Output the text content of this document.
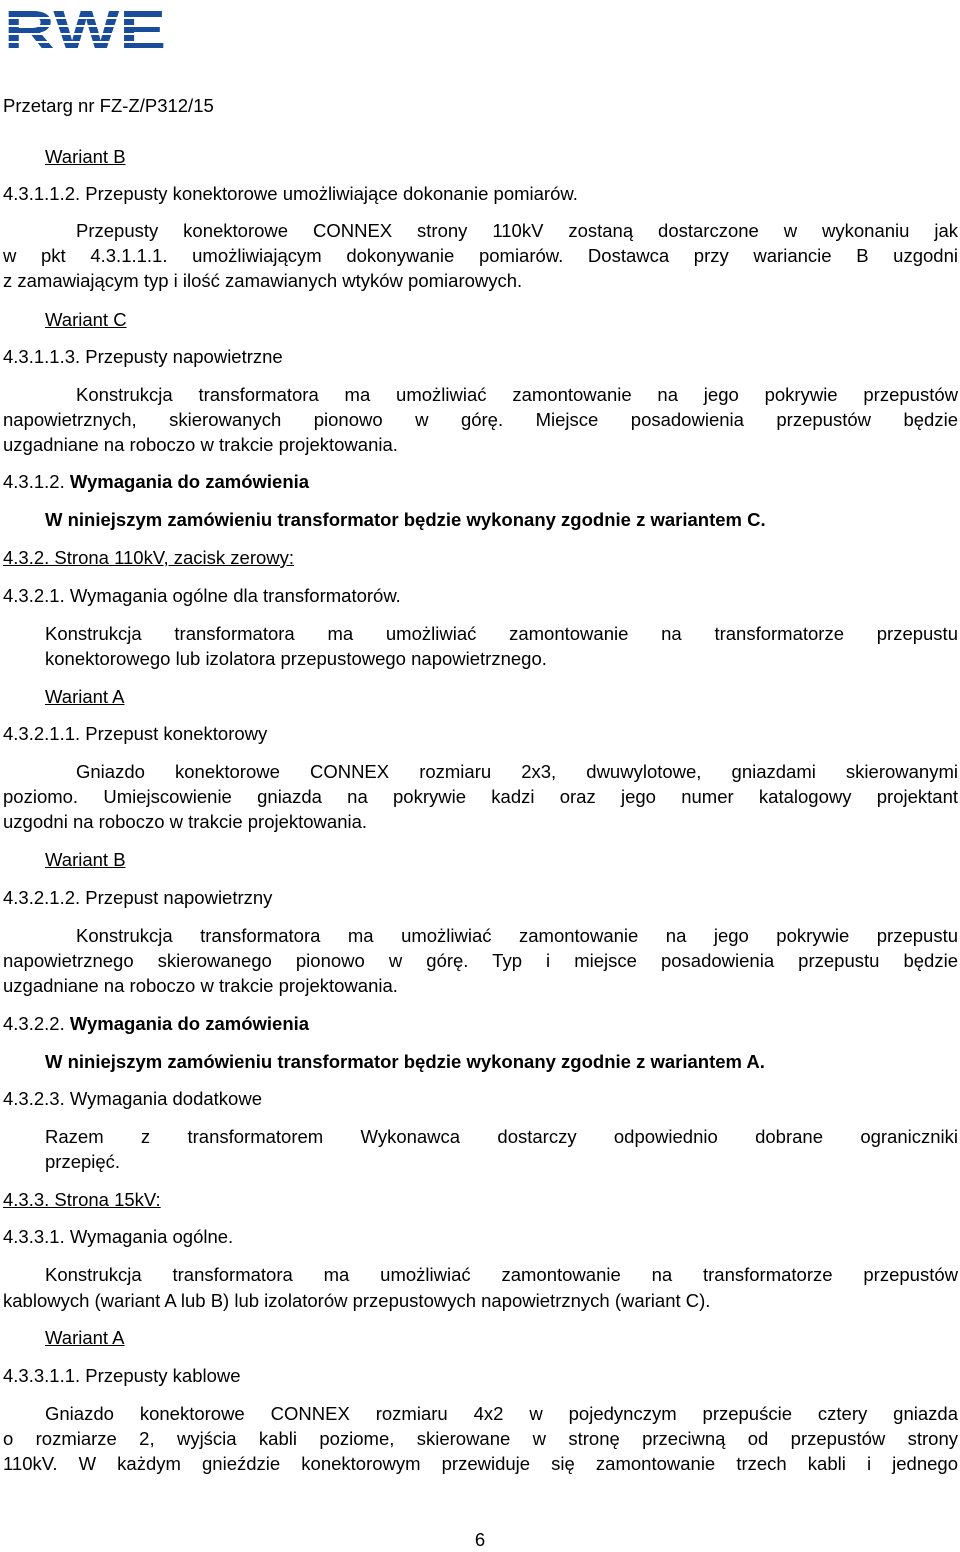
RWE
Przetarg nr FZ-Z/P312/15
Wariant B
4.3.1.1.2. Przepusty konektorowe umożliwiające dokonanie pomiarów.
Przepusty konektorowe CONNEX strony 110kV zostaną dostarczone w wykonaniu jak
w pkt 4.3.1.1.1. umożliwiającym dokonywanie pomiarów. Dostawca przy wariancie B uzgodni
z zamawiającym typ i ilość zamawianych wtyków pomiarowych.
Wariant C
4.3.1.1.3. Przepusty napowietrzne
Konstrukcja transformatora ma umożliwiać zamontowanie na jego pokrywie przepustów
napowietrznych, skierowanych pionowo w górę. Miejsce posadowienia przepustów będzie
uzgadniane na roboczo w trakcie projektowania.
4.3.1.2. Wymagania do zamówienia
W niniejszym zamówieniu transformator będzie wykonany zgodnie z wariantem C.
4.3.2. Strona 110kV, zacisk zerowy:
4.3.2.1. Wymagania ogólne dla transformatorów.
Konstrukcja transformatora ma umożliwiać zamontowanie na transformatorze przepustu
konektorowego lub izolatora przepustowego napowietrznego.
Wariant A
4.3.2.1.1. Przepust konektorowy
Gniazdo konektorowe CONNEX rozmiaru 2x3, dwuwylotowe, gniazdami skierowanymi
poziomo. Umiejscowienie gniazda na pokrywie kadzi oraz jego numer katalogowy projektant
uzgodni na roboczo w trakcie projektowania.
Wariant B
4.3.2.1.2. Przepust napowietrzny
Konstrukcja transformatora ma umożliwiać zamontowanie na jego pokrywie przepustu
napowietrznego skierowanego pionowo w górę. Typ i miejsce posadowienia przepustu będzie
uzgadniane na roboczo w trakcie projektowania.
4.3.2.2. Wymagania do zamówienia
W niniejszym zamówieniu transformator będzie wykonany zgodnie z wariantem A.
4.3.2.3. Wymagania dodatkowe
Razem z transformatorem Wykonawca dostarczy odpowiednio dobrane ograniczniki
przepięć.
4.3.3. Strona 15kV:
4.3.3.1. Wymagania ogólne.
Konstrukcja transformatora ma umożliwiać zamontowanie na transformatorze przepustów
kablowych (wariant A lub B) lub izolatorów przepustowych napowietrznych (wariant C).
Wariant A
4.3.3.1.1. Przepusty kablowe
Gniazdo konektorowe CONNEX rozmiaru 4x2 w pojedynczym przepuście cztery gniazda
o rozmiarze 2, wyjścia kabli poziome, skierowane w stronę przeciwną od przepustów strony
110kV. W każdym gnieździe konektorowym przewiduje się zamontowanie trzech kabli i jednego
6
